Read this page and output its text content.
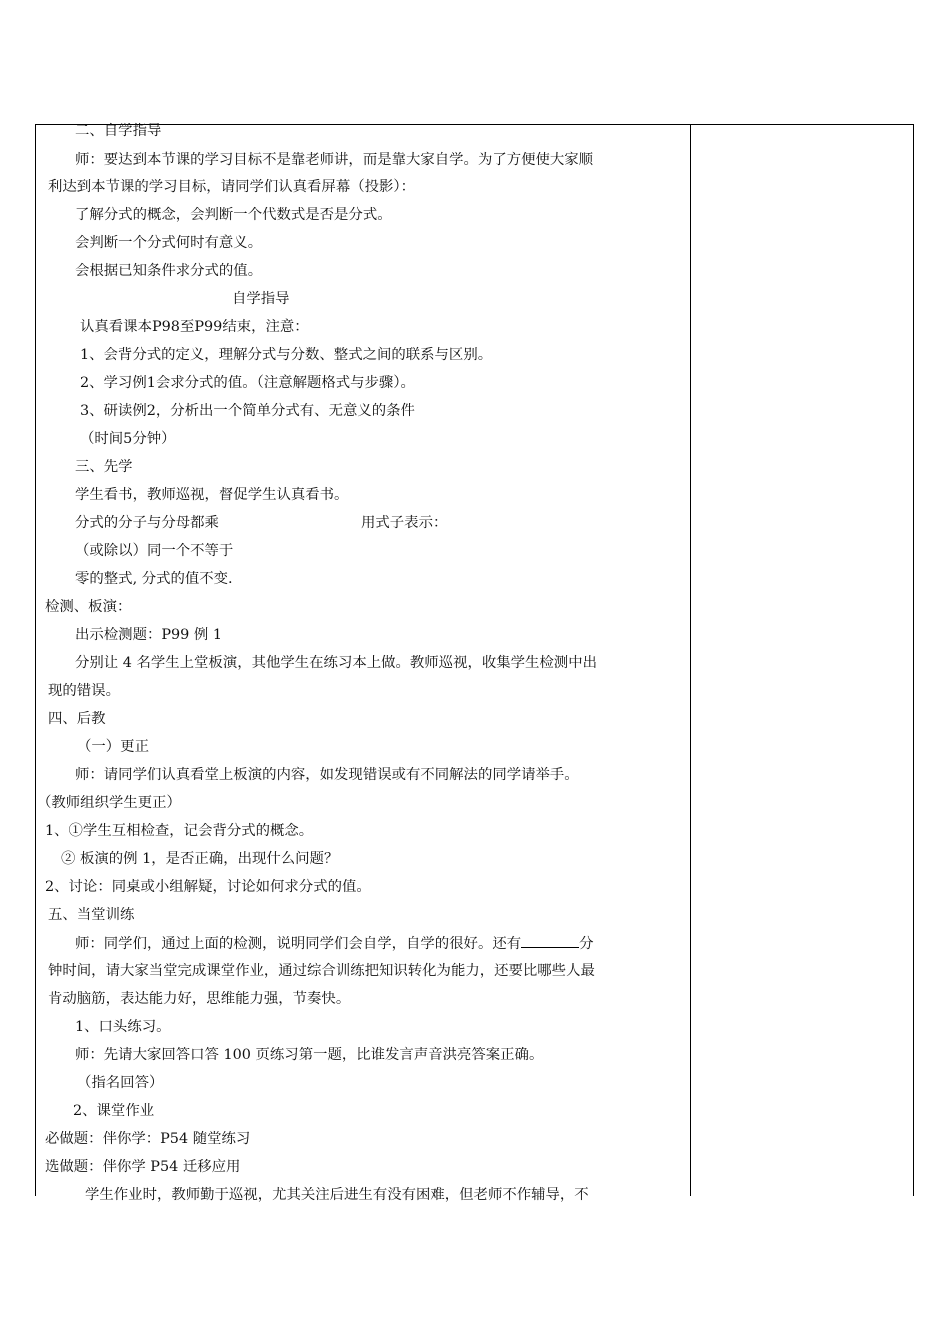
二、自学指导
师：要达到本节课的学习目标不是靠老师讲，而是靠大家自学。为了方便使大家顺
利达到本节课的学习目标，请同学们认真看屏幕（投影）：
了解分式的概念，会判断一个代数式是否是分式。
会判断一个分式何时有意义。
会根据已知条件求分式的值。
自学指导
认真看课本P98至P99结束，注意：
1、会背分式的定义，理解分式与分数、整式之间的联系与区别。
2、学习例1会求分式的值。（注意解题格式与步骤）。
3、研读例2，分析出一个简单分式有、无意义的条件
（时间5分钟）
三、先学
学生看书，教师巡视，督促学生认真看书。
分式的分子与分母都乘	用式子表示：
（或除以）同一个不等于
零的整式, 分式的值不变.
检测、板演：
出示检测题：P99 例 1
分别让 4 名学生上堂板演，其他学生在练习本上做。教师巡视，收集学生检测中出
现的错误。
四、后教
（一）更正
师：请同学们认真看堂上板演的内容，如发现错误或有不同解法的同学请举手。
（教师组织学生更正）
1、①学生互相检查，记会背分式的概念。
② 板演的例 1，是否正确，出现什么问题？
2、讨论：同桌或小组解疑，讨论如何求分式的值。
五、当堂训练
师：同学们，通过上面的检测，说明同学们会自学，自学的很好。还有	分
钟时间，请大家当堂完成课堂作业，通过综合训练把知识转化为能力，还要比哪些人最
肯动脑筋，表达能力好，思维能力强，节奏快。
1、口头练习。
师：先请大家回答口答 100 页练习第一题，比谁发言声音洪亮答案正确。
（指名回答）
2、课堂作业
必做题：伴你学：P54 随堂练习
选做题：伴你学 P54 迁移应用
学生作业时，教师勤于巡视，尤其关注后进生有没有困难，但老师不作辅导，不
